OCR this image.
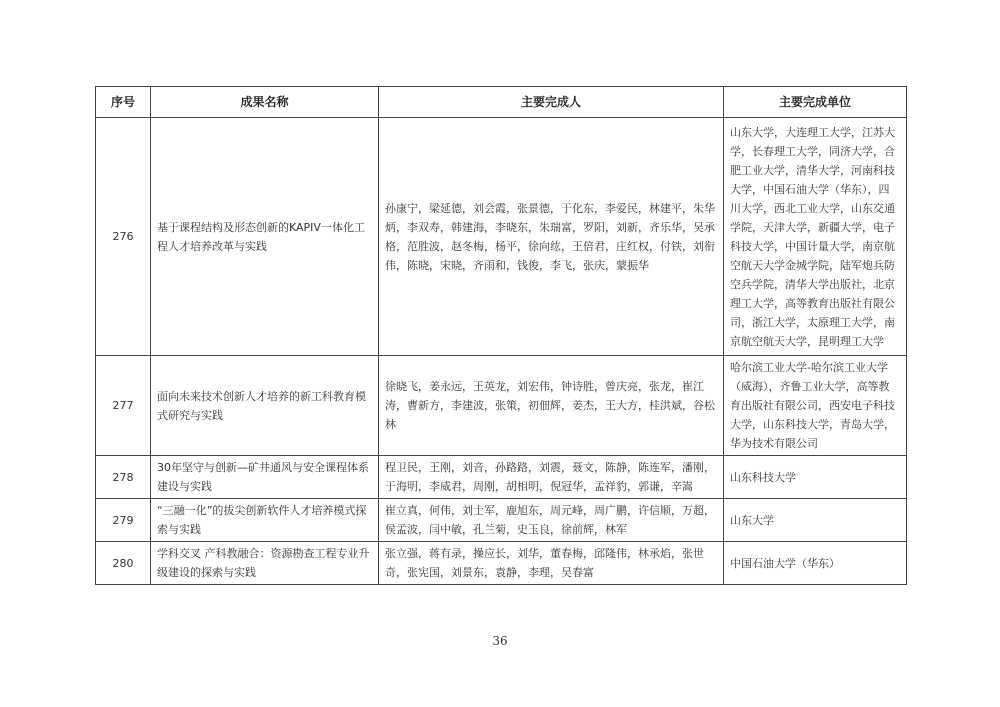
序号	成果名称	主要完成人	主要完成单位
276	基于课程结构及形态创新的KAPIV一体化工程人才培养改革与实践	孙康宁，梁延德，刘会霞，张景德，于化东，李爱民，林建平，朱华炳，李双寿，韩建海，李晓东，朱瑞富，罗阳，刘新，齐乐华，吴承格，范胜波，赵冬梅，杨平，徐向纮，王倍君，庄红权，付铁，刘衔伟，陈晓，宋晓，齐雨和，钱俊，李飞，张庆，蒙振华	山东大学，大连理工大学，江苏大学，长春理工大学，同济大学，合肥工业大学，清华大学，河南科技大学，中国石油大学（华东），四川大学，西北工业大学，山东交通学院，天津大学，新疆大学，电子科技大学，中国计量大学，南京航空航天大学金城学院，陆军炮兵防空兵学院，清华大学出版社，北京理工大学，高等教育出版社有限公司，浙江大学，太原理工大学，南京航空航天大学，昆明理工大学
277	面向未来技术创新人才培养的新工科教育模式研究与实践	徐晓飞，姜永远，王英龙，刘宏伟，钟诗胜，曾庆亮，张龙，崔江涛，曹新方，李建波，张策，初佃辉，姜杰，王大方，桂洪斌，谷松林	哈尔滨工业大学-哈尔滨工业大学（威海），齐鲁工业大学，高等教育出版社有限公司，西安电子科技大学，山东科技大学，青岛大学，华为技术有限公司
278	30年坚守与创新—矿井通风与安全课程体系建设与实践	程卫民，王刚，刘音，孙路路，刘震，聂文，陈静，陈连军，潘刚，于海明，李威君，周刚，胡相明，倪冠华，孟祥豹，郭谦，辛嵩	山东科技大学
279	“三融一化”的拔尖创新软件人才培养模式探索与实践	崔立真，何伟，刘士军，鹿旭东，周元峰，周广鹏，许信顺，万超，侯孟波，闫中敏，孔兰菊，史玉良，徐前辉，林军	山东大学
280	学科交叉 产科教融合：资源勘查工程专业升级建设的探索与实践	张立强，蒋有录，操应长，刘华，董春梅，邱隆伟，林承焰，张世奇，张宪国，刘景东，袁静，李理，吴春富	中国石油大学（华东）
36
